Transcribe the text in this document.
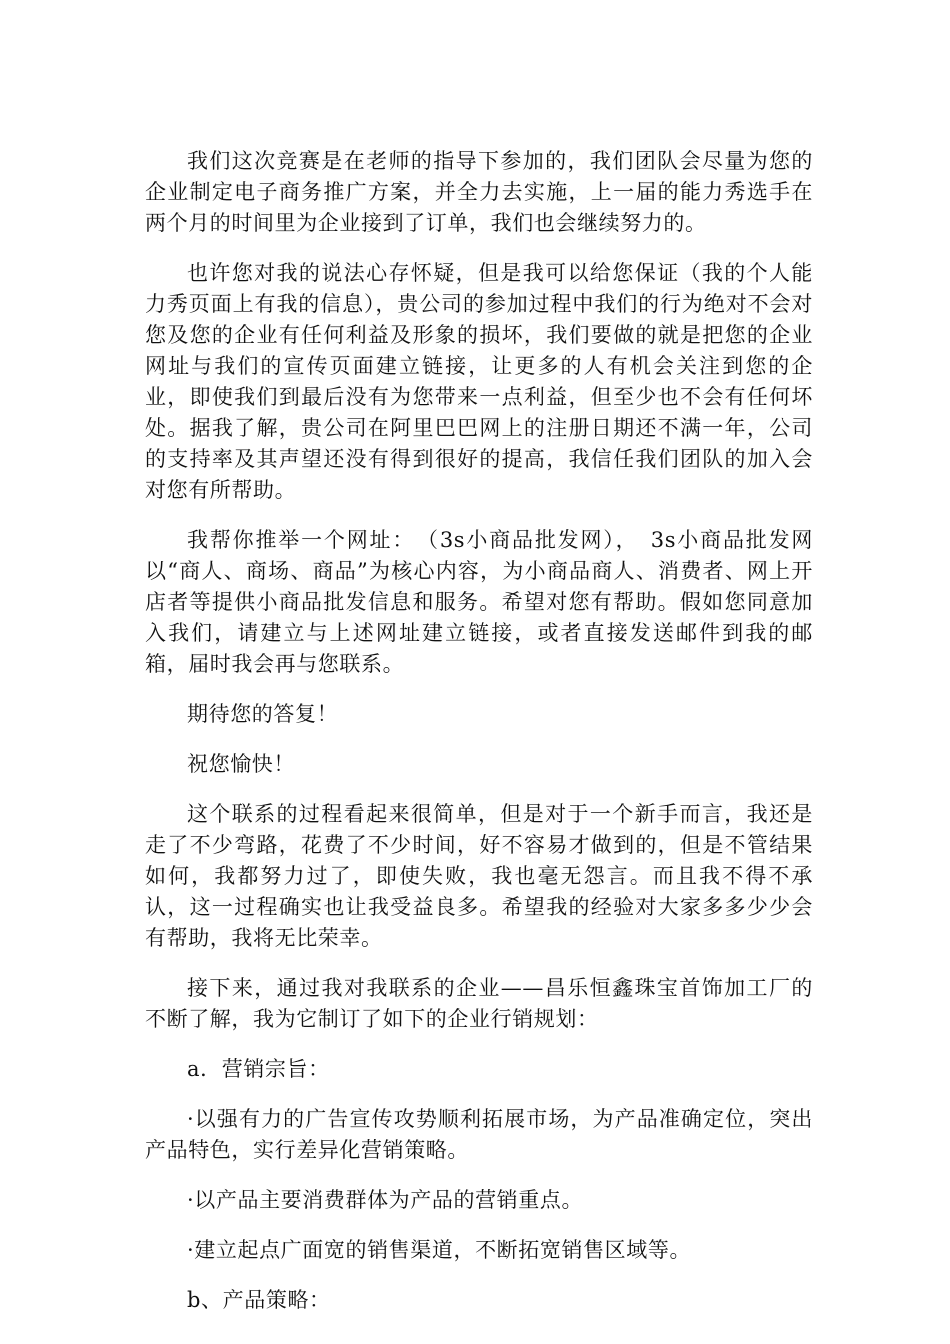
我们这次竞赛是在老师的指导下参加的，我们团队会尽量为您的企业制定电子商务推广方案，并全力去实施，上一届的能力秀选手在两个月的时间里为企业接到了订单，我们也会继续努力的。

也许您对我的说法心存怀疑，但是我可以给您保证（我的个人能力秀页面上有我的信息），贵公司的参加过程中我们的行为绝对不会对您及您的企业有任何利益及形象的损坏，我们要做的就是把您的企业网址与我们的宣传页面建立链接，让更多的人有机会关注到您的企业，即使我们到最后没有为您带来一点利益，但至少也不会有任何坏处。据我了解，贵公司在阿里巴巴网上的注册日期还不满一年，公司的支持率及其声望还没有得到很好的提高，我信任我们团队的加入会对您有所帮助。

我帮你推举一个网址：　（3s小商品批发网），　3s小商品批发网以“商人、商场、商品”为核心内容，为小商品商人、消费者、网上开店者等提供小商品批发信息和服务。希望对您有帮助。假如您同意加入我们，请建立与上述网址建立链接，或者直接发送邮件到我的邮箱，届时我会再与您联系。

期待您的答复！

祝您愉快！

这个联系的过程看起来很简单，但是对于一个新手而言，我还是走了不少弯路，花费了不少时间，好不容易才做到的，但是不管结果如何，我都努力过了，即使失败，我也毫无怨言。而且我不得不承认，这一过程确实也让我受益良多。希望我的经验对大家多多少少会有帮助，我将无比荣幸。

接下来，通过我对我联系的企业——昌乐恒鑫珠宝首饰加工厂的不断了解，我为它制订了如下的企业行销规划：

a．营销宗旨：

·以强有力的广告宣传攻势顺利拓展市场，为产品准确定位，突出产品特色，实行差异化营销策略。

·以产品主要消费群体为产品的营销重点。

·建立起点广面宽的销售渠道，不断拓宽销售区域等。

b、产品策略：
